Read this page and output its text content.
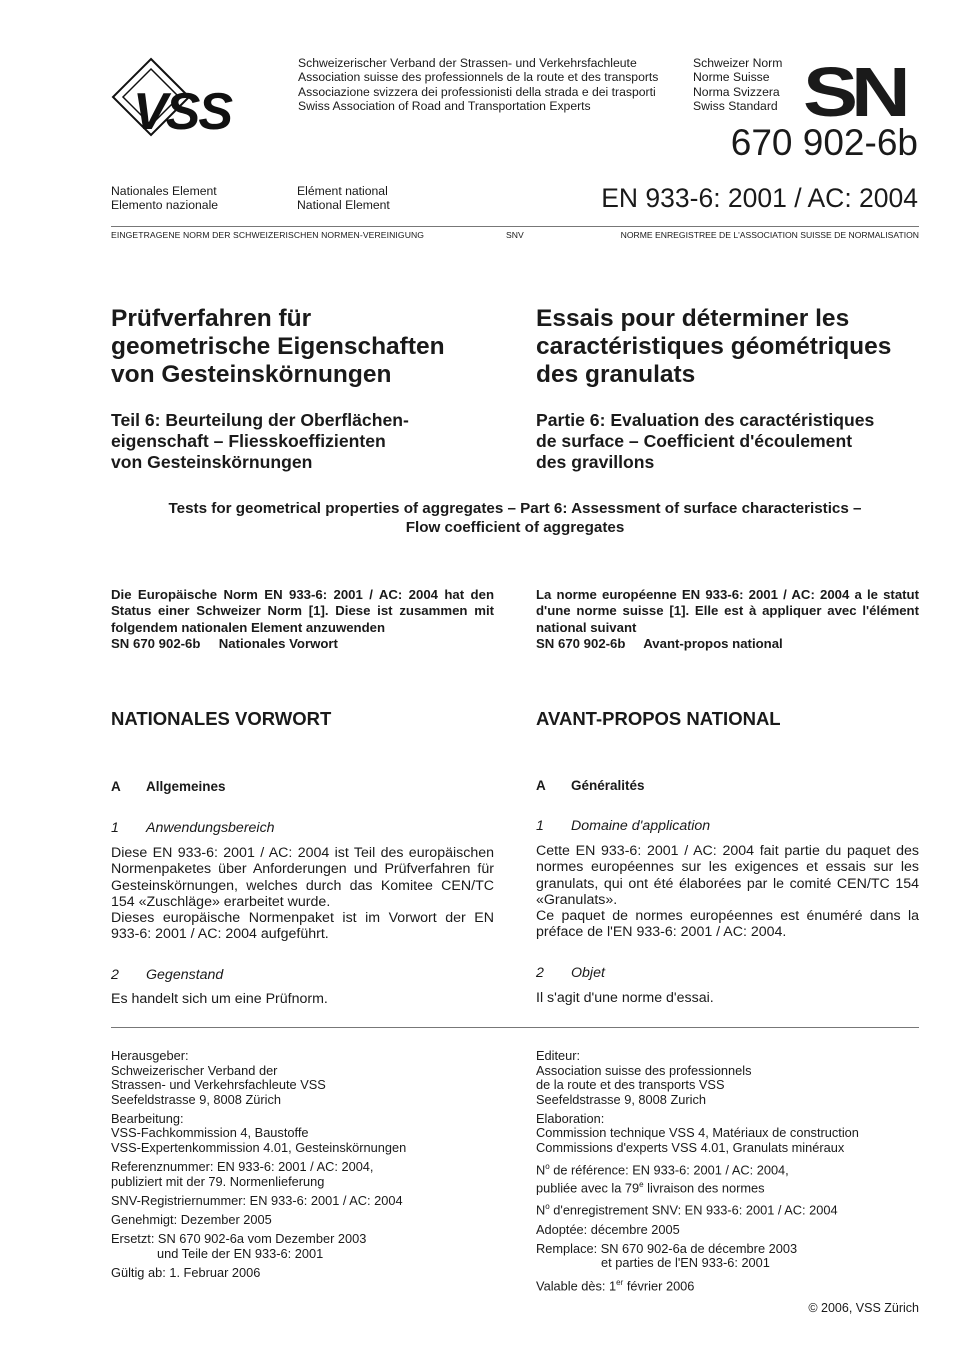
VSS
Schweizerischer Verband der Strassen- und Verkehrsfachleute
Association suisse des professionnels de la route et des transports
Associazione svizzera dei professionisti della strada e dei trasporti
Swiss Association of Road and Transportation Experts
Schweizer Norm
Norme Suisse
Norma Svizzera
Swiss Standard SN
670 902-6b
Nationales Element
Elemento nazionale
Elément national
National Element	EN 933-6: 2001 / AC: 2004
EINGETRAGENE NORM DER SCHWEIZERISCHEN NORMEN-VEREINIGUNG	SNV	NORME ENREGISTREE DE L'ASSOCIATION SUISSE DE NORMALISATION
Prüfverfahren für
geometrische Eigenschaften
von Gesteinskörnungen
Essais pour déterminer les
caractéristiques géométriques
des granulats
Teil 6: Beurteilung der Oberflächen-
eigenschaft – Fliesskoeffizienten
von Gesteinskörnungen
Partie 6: Evaluation des caractéristiques
de surface – Coefficient d'écoulement
des gravillons
Tests for geometrical properties of aggregates – Part 6: Assessment of surface characteristics –
Flow coefficient of aggregates
Die Europäische Norm EN 933-6: 2001 / AC: 2004 hat den Status einer Schweizer Norm [1]. Diese ist zusammen mit folgendem nationalen Element anzuwenden
SN 670 902-6b     Nationales Vorwort
La norme européenne EN 933-6: 2001 / AC: 2004 a le statut d'une norme suisse [1]. Elle est à appliquer avec l'élément national suivant
SN 670 902-6b     Avant-propos national
NATIONALES VORWORT
A Allgemeines
1 Anwendungsbereich
Diese EN 933-6: 2001 / AC: 2004 ist Teil des europäischen Normenpaketes über Anforderungen und Prüfverfahren für Gesteinskörnungen, welches durch das Komitee CEN/TC 154 «Zuschläge» erarbeitet wurde.
Dieses europäische Normenpaket ist im Vorwort der EN 933-6: 2001 / AC: 2004 aufgeführt.
2 Gegenstand
Es handelt sich um eine Prüfnorm.
AVANT-PROPOS NATIONAL
A Généralités
1 Domaine d'application
Cette EN 933-6: 2001 / AC: 2004 fait partie du paquet des normes européennes sur les exigences et essais sur les granulats, qui ont été élaborées par le comité CEN/TC 154 «Granulats».
Ce paquet de normes européennes est énuméré dans la préface de l'EN 933-6: 2001 / AC: 2004.
2 Objet
Il s'agit d'une norme d'essai.
Herausgeber:
Schweizerischer Verband der
Strassen- und Verkehrsfachleute VSS
Seefeldstrasse 9, 8008 Zürich
Bearbeitung:
VSS-Fachkommission 4, Baustoffe
VSS-Expertenkommission 4.01, Gesteinskörnungen
Referenznummer: EN 933-6: 2001 / AC: 2004,
publiziert mit der 79. Normenlieferung
SNV-Registriernummer: EN 933-6: 2001 / AC: 2004
Genehmigt: Dezember 2005
Ersetzt: SN 670 902-6a vom Dezember 2003
und Teile der EN 933-6: 2001
Gültig ab: 1. Februar 2006
Editeur:
Association suisse des professionnels
de la route et des transports VSS
Seefeldstrasse 9, 8008 Zurich
Elaboration:
Commission technique VSS 4, Matériaux de construction
Commissions d'experts VSS 4.01, Granulats minéraux
$N^o$ de référence: EN 933-6: 2001 / AC: 2004,
publiée avec la 79e livraison des normes
$N^o$ d'enregistrement SNV: EN 933-6: 2001 / AC: 2004
Adoptée: décembre 2005
Remplace: SN 670 902-6a de décembre 2003
et parties de l'EN 933-6: 2001
Valable dès: 1er février 2006
© 2006, VSS Zürich
